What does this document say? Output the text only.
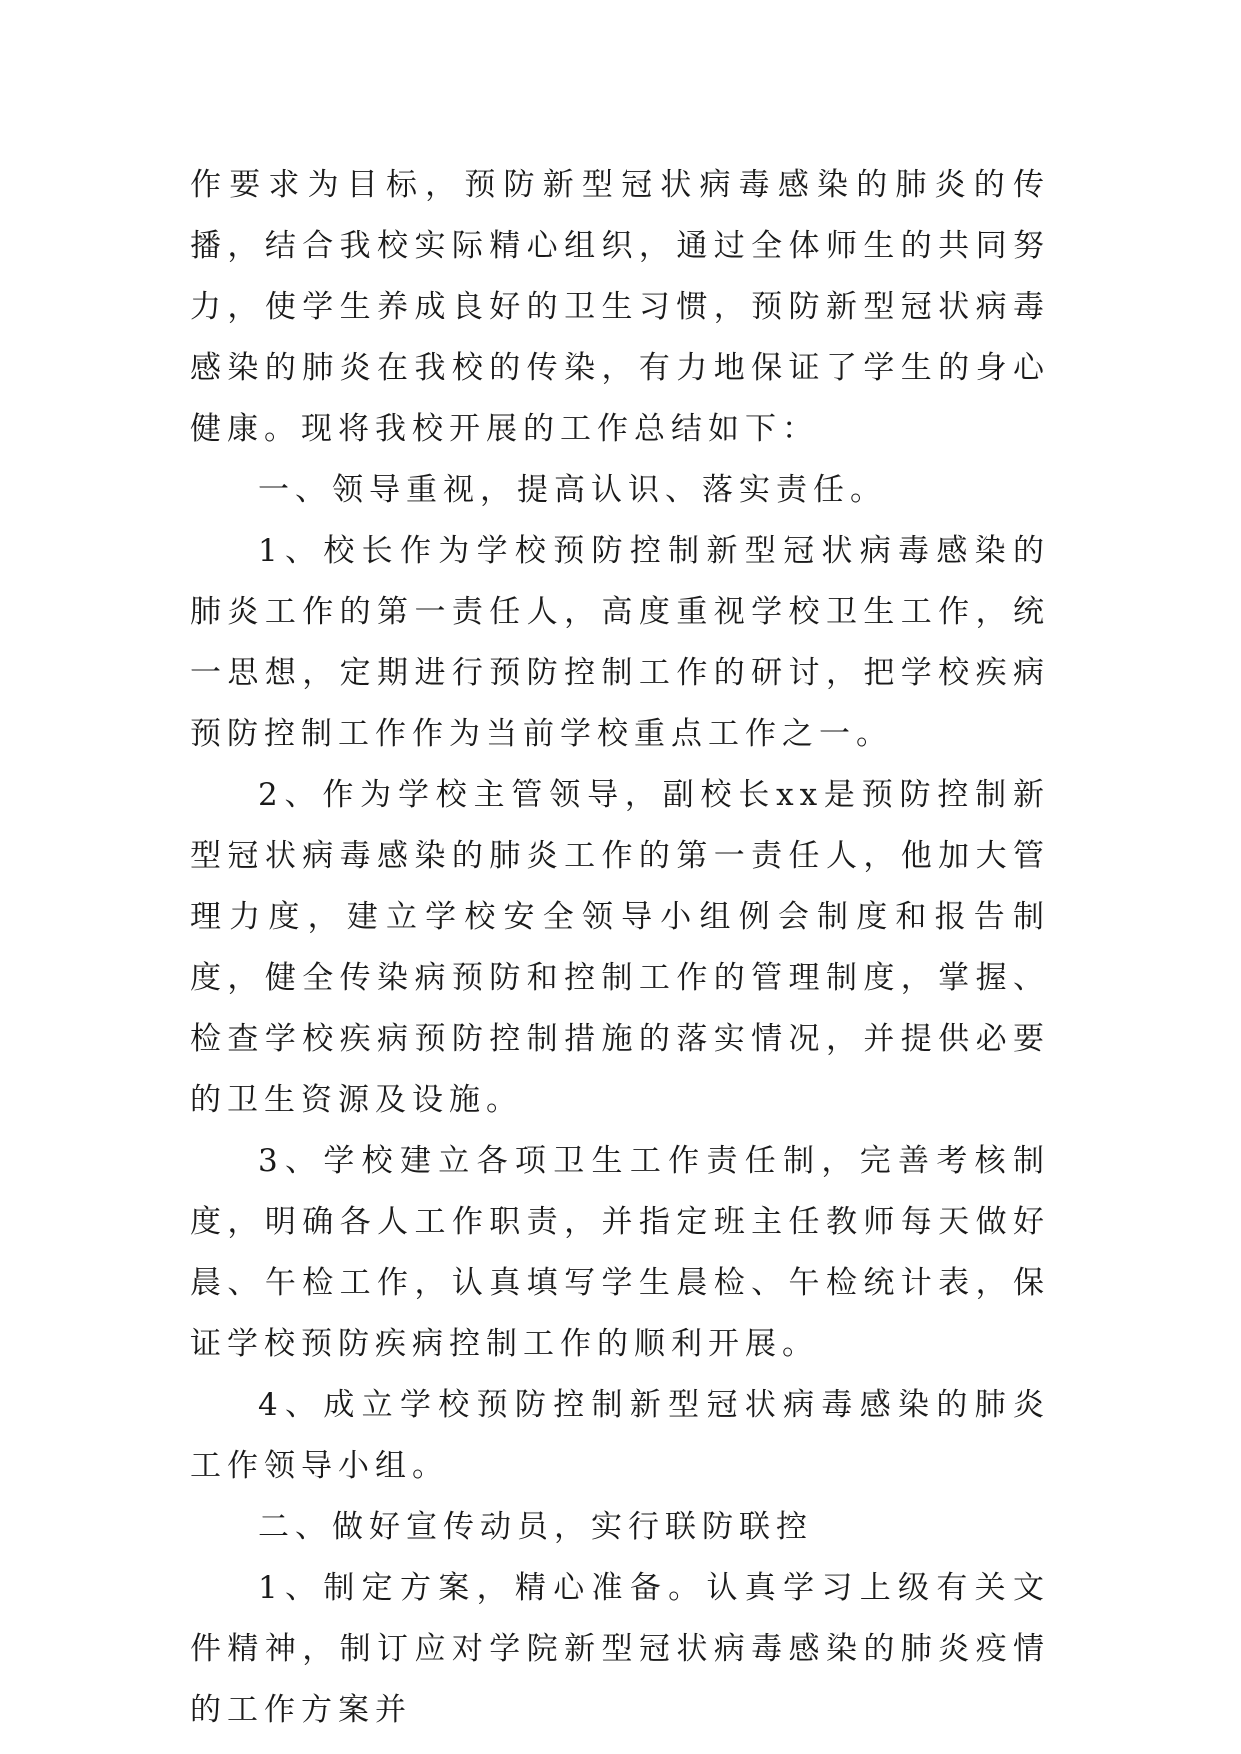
作要求为目标，预防新型冠状病毒感染的肺炎的传播，结合我校实际精心组织，通过全体师生的共同努力，使学生养成良好的卫生习惯，预防新型冠状病毒感染的肺炎在我校的传染，有力地保证了学生的身心健康。现将我校开展的工作总结如下：

一、领导重视，提高认识、落实责任。

1、校长作为学校预防控制新型冠状病毒感染的肺炎工作的第一责任人，高度重视学校卫生工作，统一思想，定期进行预防控制工作的研讨，把学校疾病预防控制工作作为当前学校重点工作之一。

2、作为学校主管领导，副校长xx是预防控制新型冠状病毒感染的肺炎工作的第一责任人，他加大管理力度，建立学校安全领导小组例会制度和报告制度，健全传染病预防和控制工作的管理制度，掌握、检查学校疾病预防控制措施的落实情况，并提供必要的卫生资源及设施。

3、学校建立各项卫生工作责任制，完善考核制度，明确各人工作职责，并指定班主任教师每天做好晨、午检工作，认真填写学生晨检、午检统计表，保证学校预防疾病控制工作的顺利开展。

4、成立学校预防控制新型冠状病毒感染的肺炎工作领导小组。

二、做好宣传动员，实行联防联控

1、制定方案，精心准备。认真学习上级有关文件精神，制订应对学院新型冠状病毒感染的肺炎疫情的工作方案并
